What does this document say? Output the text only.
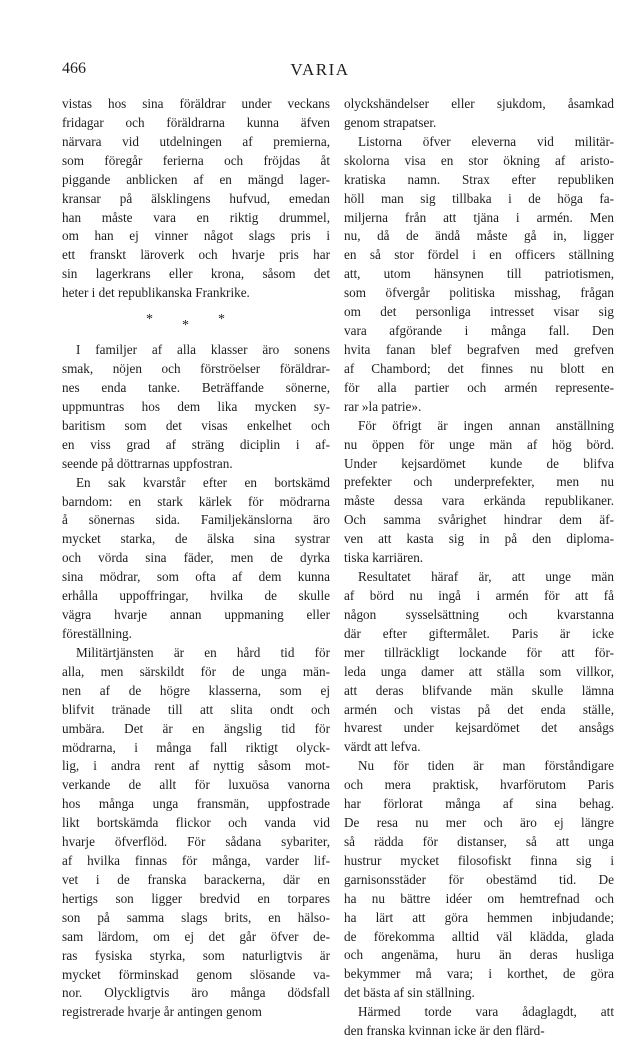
466	VARIA

vistas hos sina föräldrar under veckans
fridagar och föräldrarna kunna äfven
närvara vid utdelningen af premierna,
som föregår ferierna och fröjdas åt
piggande anblicken af en mängd lager-
kransar på älsklingens hufvud, emedan
han måste vara en riktig drummel,
om han ej vinner något slags pris i
ett franskt läroverk och hvarje pris har
sin lagerkrans eller krona, såsom det
heter i det republikanska Frankrike.

* * *

I familjer af alla klasser äro sonens
smak, nöjen och förströelser föräldrar-
nes enda tanke. Beträffande sönerne,
uppmuntras hos dem lika mycken sy-
baritism som det visas enkelhet och
en viss grad af sträng diciplin i af-
seende på döttrarnas uppfostran.

En sak kvarstår efter en bortskämd
barndom: en stark kärlek för mödrarna
å sönernas sida. Familjekänslorna äro
mycket starka, de älska sina systrar
och vörda sina fäder, men de dyrka
sina mödrar, som ofta af dem kunna
erhålla uppoffringar, hvilka de skulle
vägra hvarje annan uppmaning eller
föreställning.

Militärtjänsten är en hård tid för
alla, men särskildt för de unga män-
nen af de högre klasserna, som ej
blifvit tränade till att slita ondt och
umbära. Det är en ängslig tid för
mödrarna, i många fall riktigt olyck-
lig, i andra rent af nyttig såsom mot-
verkande de allt för luxuösa vanorna
hos många unga fransmän, uppfostrade
likt bortskämda flickor och vanda vid
hvarje öfverflöd. För sådana sybariter,
af hvilka finnas för många, varder lif-
vet i de franska barackerna, där en
hertigs son ligger bredvid en torpares
son på samma slags brits, en hälso-
sam lärdom, om ej det går öfver de-
ras fysiska styrka, som naturligtvis är
mycket förminskad genom slösande va-
nor. Olyckligtvis äro många dödsfall
registrerade hvarje år antingen genom

olyckshändelser eller sjukdom, åsamkad
genom strapatser.

Listorna öfver eleverna vid militär-
skolorna visa en stor ökning af aristo-
kratiska namn. Strax efter republiken
höll man sig tillbaka i de höga fa-
miljerna från att tjäna i armén. Men
nu, då de ändå måste gå in, ligger
en så stor fördel i en officers ställning
att, utom hänsynen till patriotismen,
som öfvergår politiska misshag, frågan
om det personliga intresset visar sig
vara afgörande i många fall. Den
hvita fanan blef begrafven med grefven
af Chambord; det finnes nu blott en
för alla partier och armén represente-
rar »la patrie».

För öfrigt är ingen annan anställning
nu öppen för unge män af hög börd.
Under kejsardömet kunde de blifva
prefekter och underprefekter, men nu
måste dessa vara erkända republikaner.
Och samma svårighet hindrar dem äf-
ven att kasta sig in på den diploma-
tiska karriären.

Resultatet häraf är, att unge män
af börd nu ingå i armén för att få
någon sysselsättning och kvarstanna
där efter giftermålet. Paris är icke
mer tillräckligt lockande för att för-
leda unga damer att ställa som villkor,
att deras blifvande män skulle lämna
armén och vistas på det enda ställe,
hvarest under kejsardömet det ansågs
värdt att lefva.

Nu för tiden är man förståndigare
och mera praktisk, hvarförutom Paris
har förlorat många af sina behag.
De resa nu mer och äro ej längre
så rädda för distanser, så att unga
hustrur mycket filosofiskt finna sig i
garnisonsstäder för obestämd tid. De
ha nu bättre idéer om hemtrefnad och
ha lärt att göra hemmen inbjudande;
de förekomma alltid väl klädda, glada
och angenäma, huru än deras husliga
bekymmer må vara; i korthet, de göra
det bästa af sin ställning.

Härmed torde vara ådaglagdt, att
den franska kvinnan icke är den flärd-
